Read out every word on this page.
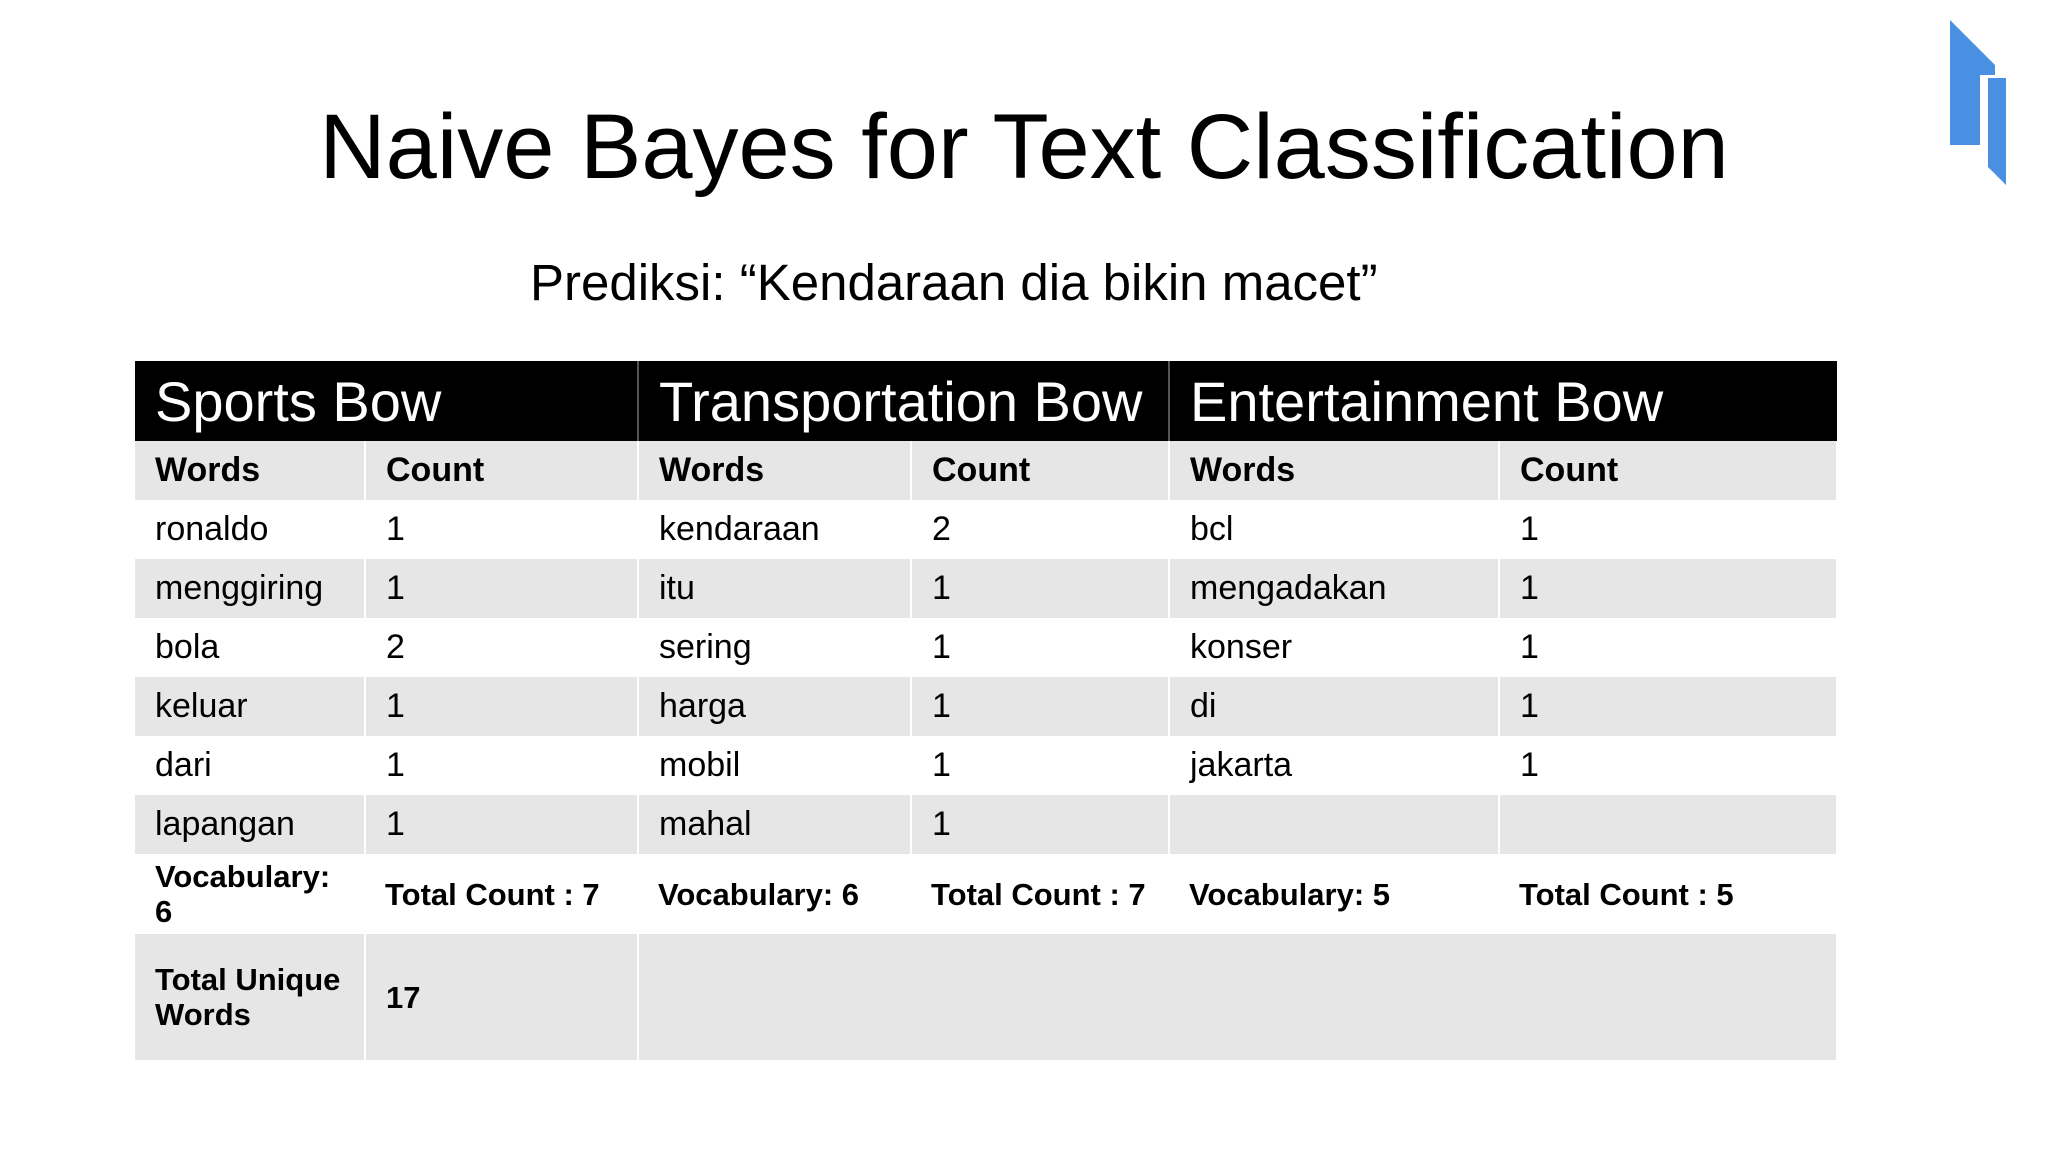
Naive Bayes for Text Classification
Prediksi: “Kendaraan dia bikin macet”
Sports Bow		Transportation Bow		Entertainment Bow	
Words	Count	Words	Count	Words	Count
ronaldo	1	kendaraan	2	bcl	1
menggiring	1	itu	1	mengadakan	1
bola	2	sering	1	konser	1
keluar	1	harga	1	di	1
dari	1	mobil	1	jakarta	1
lapangan	1	mahal	1		
Vocabulary: 6	Total Count : 7	Vocabulary: 6	Total Count : 7	Vocabulary: 5	Total Count : 5
Total Unique Words	17				
